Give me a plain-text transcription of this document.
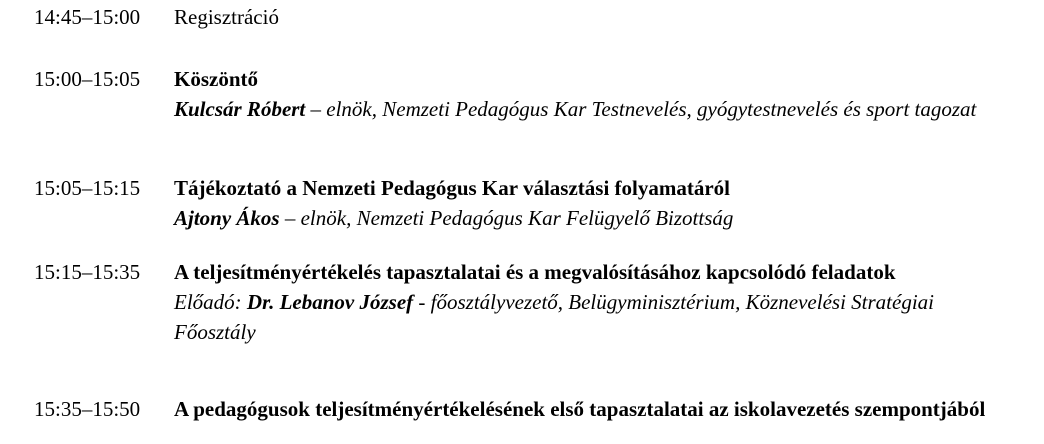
14:45–15:00 Regisztráció
15:00–15:05 Köszöntő
Kulcsár Róbert – elnök, Nemzeti Pedagógus Kar Testnevelés, gyógytestnevelés és sport tagozat
15:05–15:15 Tájékoztató a Nemzeti Pedagógus Kar választási folyamatáról
Ajtony Ákos – elnök, Nemzeti Pedagógus Kar Felügyelő Bizottság
15:15–15:35 A teljesítményértékelés tapasztalatai és a megvalósításához kapcsolódó feladatok
Előadó: Dr. Lebanov József - főosztályvezető, Belügyminisztérium, Köznevelési Stratégiai Főosztály
15:35–15:50 A pedagógusok teljesítményértékelésének első tapasztalatai az iskolavezetés szempontjából
